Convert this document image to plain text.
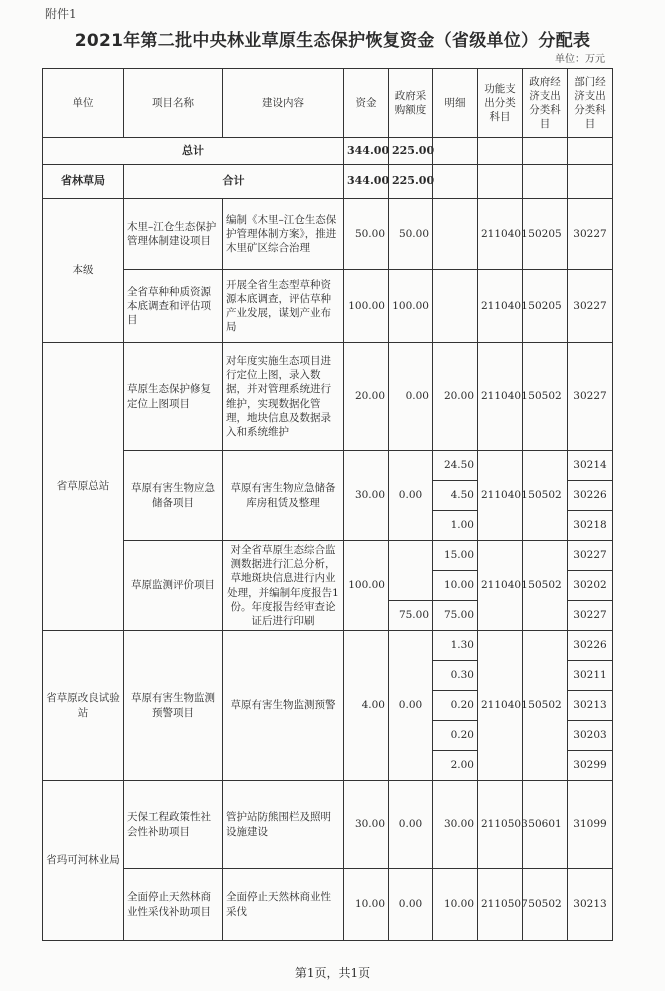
附件1
2021年第二批中央林业草原生态保护恢复资金（省级单位）分配表
单位：万元
单位	项目名称	建设内容	资金	政府采购额度	明细	功能支出分类科目	政府经济支出分类科目	部门经济支出分类科目
总计			344.00	225.00				
省林草局	合计		344.00	225.00				
本级	木里–江仓生态保护管理体制建设项目	编制《木里–江仓生态保护管理体制方案》，推进木里矿区综合治理	50.00	50.00		2110401	50205	30227
	全省草种种质资源本底调查和评估项目	开展全省生态型草种资源本底调查，评估草种产业发展，谋划产业布局	100.00	100.00		2110401	50205	30227
省草原总站	草原生态保护修复定位上图项目	对年度实施生态项目进行定位上图，录入数据，并对管理系统进行维护，实现数据化管理，地块信息及数据录入和系统维护	20.00	0.00	20.00	2110401	50502	30227
	草原有害生物应急储备项目	草原有害生物应急储备库房租赁及整理	30.00	0.00	24.50	2110401	50502	30214
					4.50			30226
					1.00			30218
	草原监测评价项目	对全省草原生态综合监测数据进行汇总分析，草地斑块信息进行内业处理，并编制年度报告1份。年度报告经审查论证后进行印刷	100.00		15.00	2110401	50502	30227
					10.00			30202
				75.00	75.00			30227
省草原改良试验站	草原有害生物监测预警项目	草原有害生物监测预警	4.00	0.00	1.30	2110401	50502	30226
					0.30			30211
					0.20			30213
					0.20			30203
					2.00			30299
省玛可河林业局	天保工程政策性社会性补助项目	管护站防熊围栏及照明设施建设	30.00	0.00	30.00	2110503	50601	31099
	全面停止天然林商业性采伐补助项目	全面停止天然林商业性采伐	10.00	0.00	10.00	2110507	50502	30213
第1页，共1页
